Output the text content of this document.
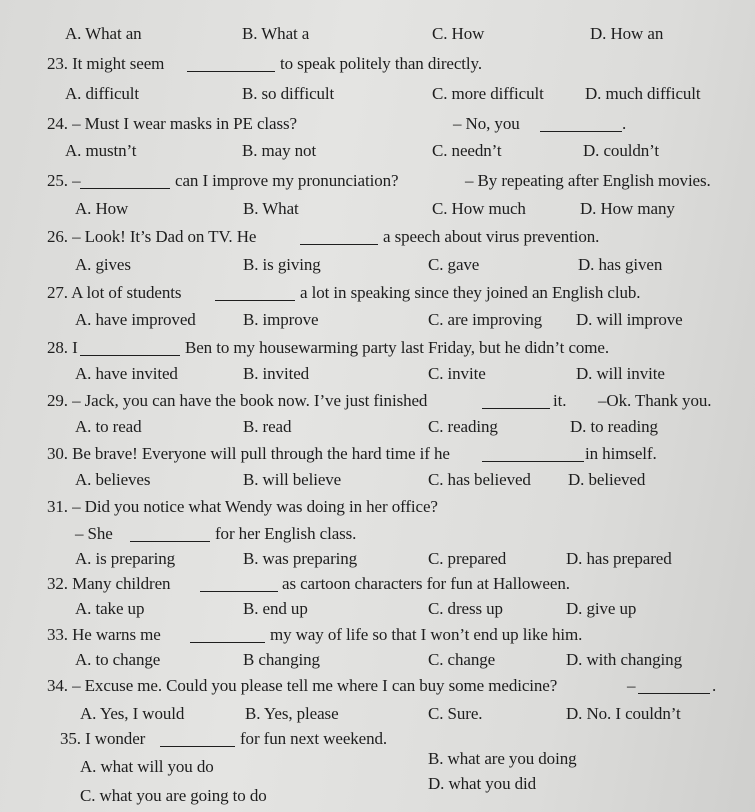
A. What an	B. What a	C. How	D. How an
23. It might seem	to speak politely than directly.
A. difficult	B. so difficult	C. more difficult D. much difficult
24. – Must I wear masks in PE class?	– No, you	.
A. mustn’t	B. may not	C. needn’t	D. couldn’t
25. –	can I improve my pronunciation?	– By repeating after English movies.
A. How	B. What	C. How much	D. How many
26. – Look! It’s Dad on TV. He	a speech about virus prevention.
A. gives	B. is giving	C. gave	D. has given
27. A lot of students	a lot in speaking since they joined an English club.
A. have improved	B. improve	C. are improving D. will improve
28. I	Ben to my housewarming party last Friday, but he didn’t come.
A. have invited	B. invited	C. invite	D. will invite
29. – Jack, you can have the book now. I’ve just finished	it. –Ok. Thank you.
A. to read	B. read	C. reading	D. to reading
30. Be brave! Everyone will pull through the hard time if he	in himself.
A. believes	B. will believe	C. has believed D. believed
31. – Did you notice what Wendy was doing in her office?
– She	for her English class.
A. is preparing	B. was preparing	C. prepared	D. has prepared
32. Many children	as cartoon characters for fun at Halloween.
A. take up	B. end up	C. dress up	D. give up
33. He warns me	my way of life so that I won’t end up like him.
A. to change	B changing	C. change	D. with changing
34. – Excuse me. Could you please tell me where I can buy some medicine?	–	.
A. Yes, I would	B. Yes, please	C. Sure.	D. No. I couldn’t
35. I wonder	for fun next weekend.
A. what will you do	B. what are you doing
C. what you are going to do
D. what you did
